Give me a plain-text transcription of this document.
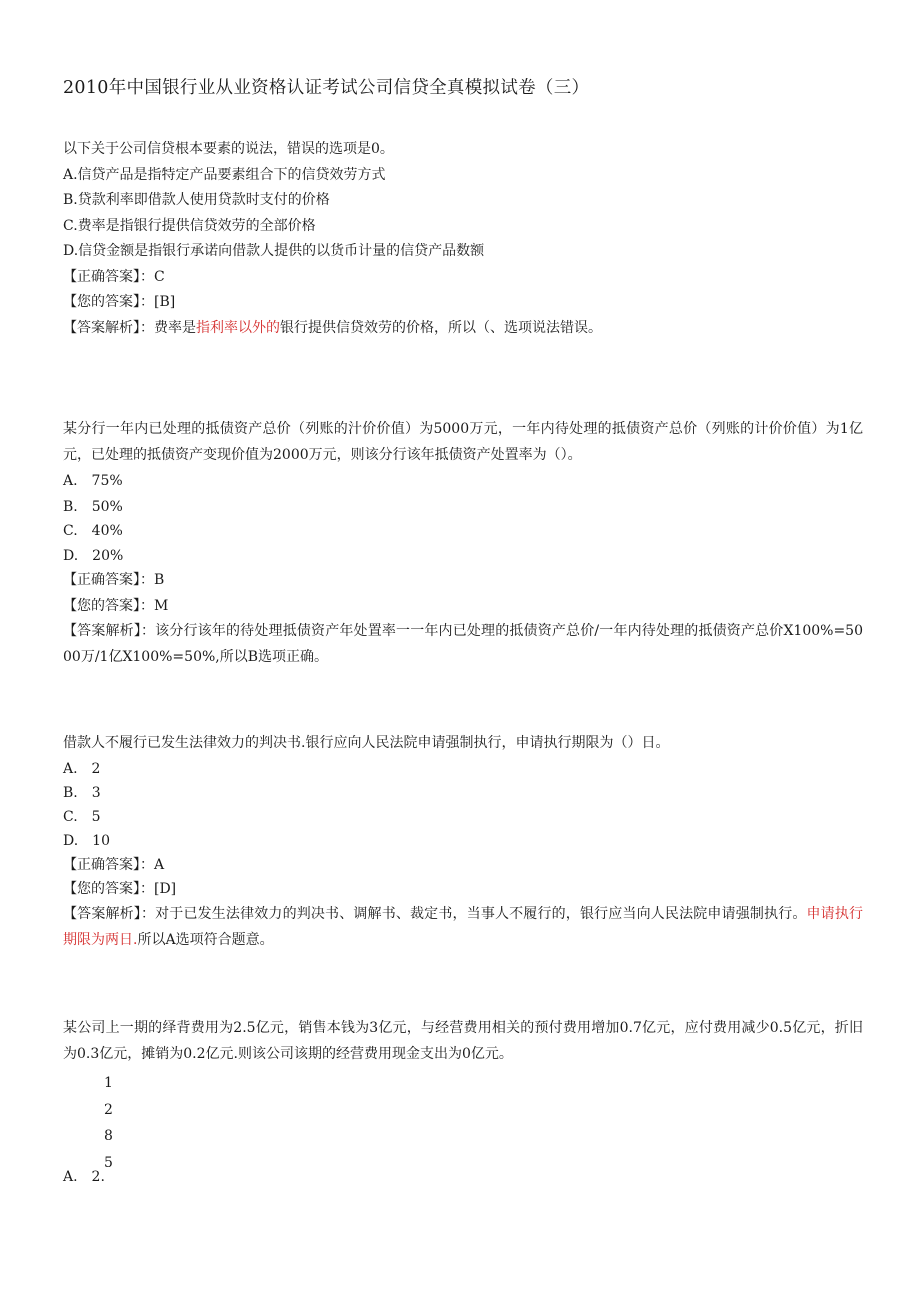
2010年中国银行业从业资格认证考试公司信贷全真模拟试卷（三）
以下关于公司信贷根本要素的说法，错误的选项是0。
A.信贷产品是指特定产品要素组合下的信贷效劳方式
B.贷款利率即借款人使用贷款时支付的价格
C.费率是指银行提供信贷效劳的全部价格
D.信贷金额是指银行承诺向借款人提供的以货币计量的信贷产品数额
【正确答案】：C
【您的答案】：[B]
【答案解析】：费率是指利率以外的银行提供信贷效劳的价格，所以（、选项说法错误。
某分行一年内已处理的抵债资产总价（列账的汁价价值）为5000万元，一年内待处理的抵债资产总价（列账的计价价值）为1亿元，已处理的抵债资产变现价值为2000万元，则该分行该年抵债资产处置率为（）。
A.　75%
B.　50%
C.　40%
D.　20%
【正确答案】：B
【您的答案】：M
【答案解析】：该分行该年的待处理抵债资产年处置率一一年内已处理的抵债资产总价/一年内待处理的抵债资产总价X100%=5000万/1亿X100%=50%,所以B选项正确。
借款人不履行已发生法律效力的判决书.银行应向人民法院申请强制执行，申请执行期限为（）日。
A.　2
B.　3
C.　5
D.　10
【正确答案】：A
【您的答案】：[D]
【答案解析】：对于已发生法律效力的判决书、调解书、裁定书，当事人不履行的，银行应当向人民法院申请强制执行。申请执行期限为两日.所以A选项符合题意。
某公司上一期的绎背费用为2.5亿元，销售本钱为3亿元，与经营费用相关的预付费用增加0.7亿元，应付费用减少0.5亿元，折旧为0.3亿元，摊销为0.2亿元.则该公司该期的经营费用现金支出为0亿元。
1
2
8
5
A.　2.
